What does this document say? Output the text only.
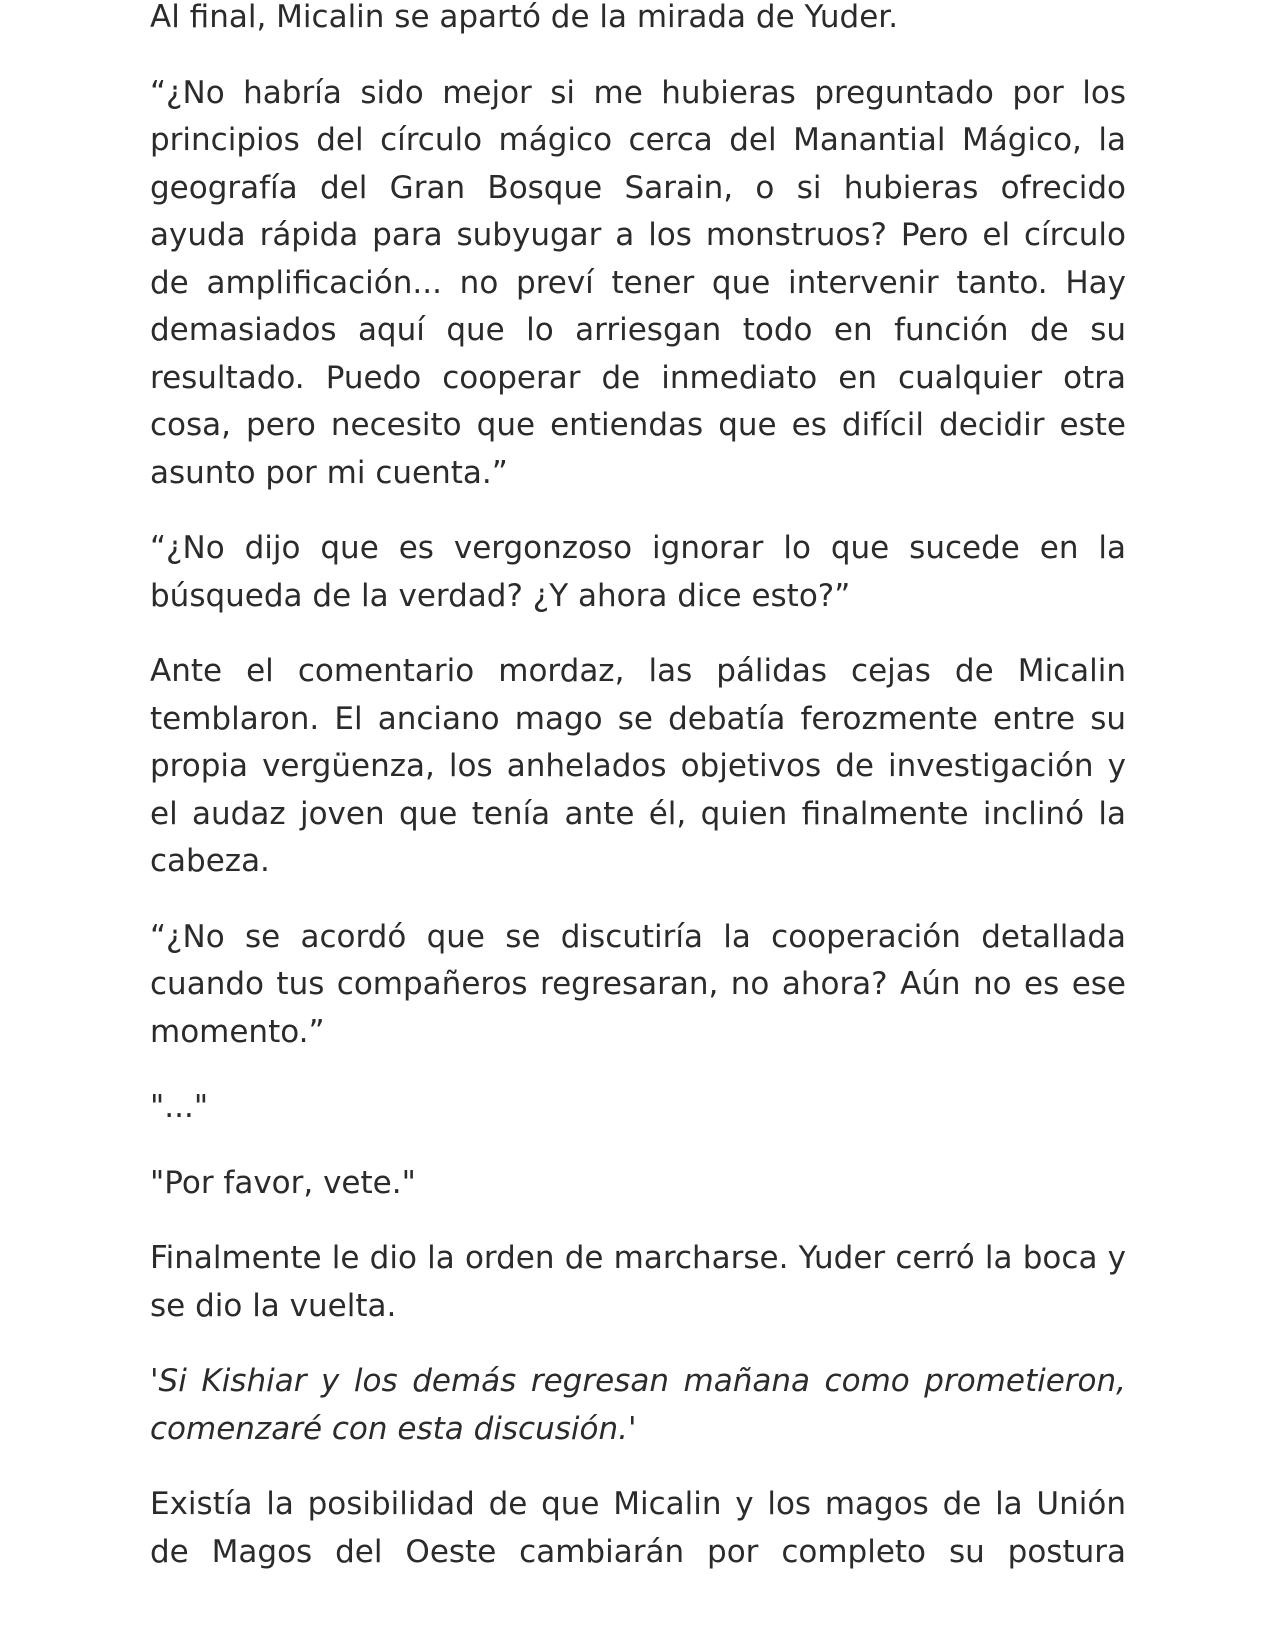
Al final, Micalin se apartó de la mirada de Yuder.

“¿No habría sido mejor si me hubieras preguntado por los principios del círculo mágico cerca del Manantial Mágico, la geografía del Gran Bosque Sarain, o si hubieras ofrecido ayuda rápida para subyugar a los monstruos? Pero el círculo de amplificación... no preví tener que intervenir tanto. Hay demasiados aquí que lo arriesgan todo en función de su resultado. Puedo cooperar de inmediato en cualquier otra cosa, pero necesito que entiendas que es difícil decidir este asunto por mi cuenta.”

“¿No dijo que es vergonzoso ignorar lo que sucede en la búsqueda de la verdad? ¿Y ahora dice esto?”

Ante el comentario mordaz, las pálidas cejas de Micalin temblaron. El anciano mago se debatía ferozmente entre su propia vergüenza, los anhelados objetivos de investigación y el audaz joven que tenía ante él, quien finalmente inclinó la cabeza.

“¿No se acordó que se discutiría la cooperación detallada cuando tus compañeros regresaran, no ahora? Aún no es ese momento.”

"..."

"Por favor, vete."

Finalmente le dio la orden de marcharse. Yuder cerró la boca y se dio la vuelta.

'Si Kishiar y los demás regresan mañana como prometieron, comenzaré con esta discusión.'

Existía la posibilidad de que Micalin y los magos de la Unión de Magos del Oeste cambiarán por completo su postura
